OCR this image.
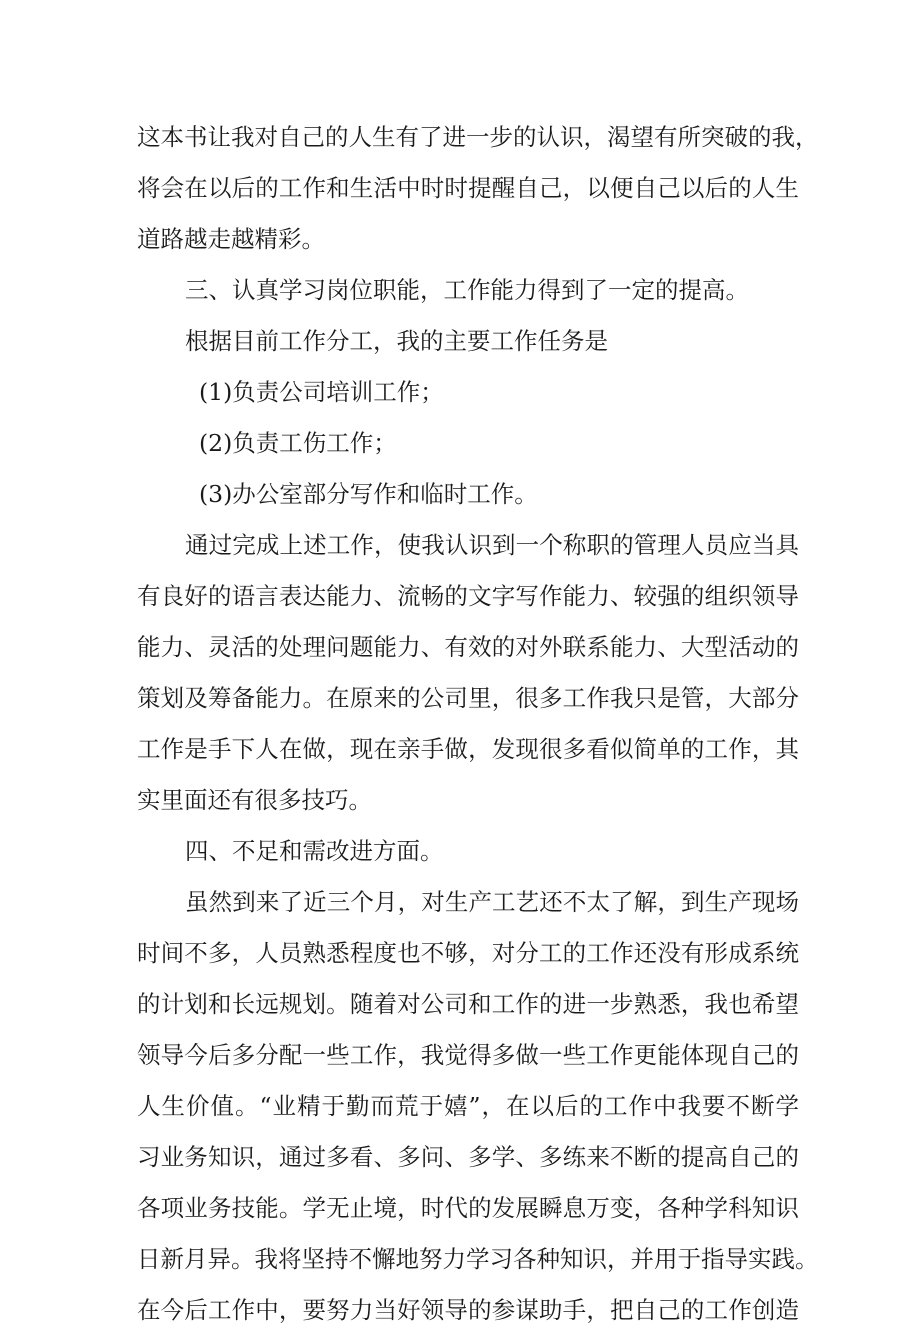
这本书让我对自己的人生有了进一步的认识，渴望有所突破的我，
将会在以后的工作和生活中时时提醒自己，以便自己以后的人生
道路越走越精彩。
三、认真学习岗位职能，工作能力得到了一定的提高。
根据目前工作分工，我的主要工作任务是
(1)负责公司培训工作；
(2)负责工伤工作；
(3)办公室部分写作和临时工作。
通过完成上述工作，使我认识到一个称职的管理人员应当具
有良好的语言表达能力、流畅的文字写作能力、较强的组织领导
能力、灵活的处理问题能力、有效的对外联系能力、大型活动的
策划及筹备能力。在原来的公司里，很多工作我只是管，大部分
工作是手下人在做，现在亲手做，发现很多看似简单的工作，其
实里面还有很多技巧。
四、不足和需改进方面。
虽然到来了近三个月，对生产工艺还不太了解，到生产现场
时间不多，人员熟悉程度也不够，对分工的工作还没有形成系统
的计划和长远规划。随着对公司和工作的进一步熟悉，我也希望
领导今后多分配一些工作，我觉得多做一些工作更能体现自己的
人生价值。“业精于勤而荒于嬉”，在以后的工作中我要不断学
习业务知识，通过多看、多问、多学、多练来不断的提高自己的
各项业务技能。学无止境，时代的发展瞬息万变，各种学科知识
日新月异。我将坚持不懈地努力学习各种知识，并用于指导实践。
在今后工作中，要努力当好领导的参谋助手，把自己的工作创造
